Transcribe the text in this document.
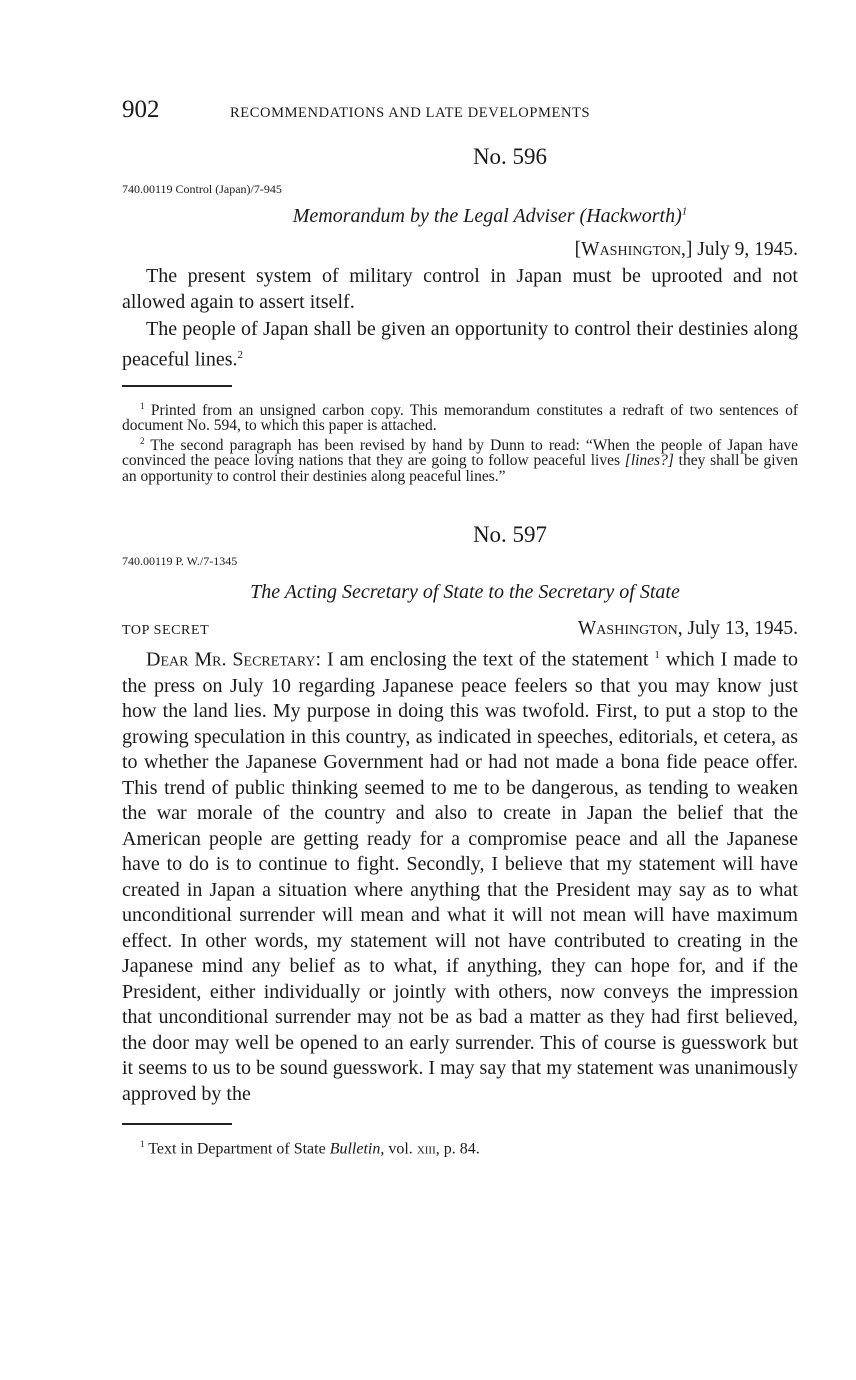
902	RECOMMENDATIONS AND LATE DEVELOPMENTS
No. 596
740.00119 Control (Japan)/7-945
Memorandum by the Legal Adviser (Hackworth)$^1$
[Washington,] July 9, 1945.

The present system of military control in Japan must be uprooted and not allowed again to assert itself.

The people of Japan shall be given an opportunity to control their destinies along peaceful lines.$^2$

$^1$ Printed from an unsigned carbon copy. This memorandum constitutes a redraft of two sentences of document No. 594, to which this paper is attached.

$^2$ The second paragraph has been revised by hand by Dunn to read: “When the people of Japan have convinced the peace loving nations that they are going to follow peaceful lives [lines?] they shall be given an opportunity to control their destinies along peaceful lines.”

No. 597
740.00119 P. W./7-1345
The Acting Secretary of State to the Secretary of State
TOP SECRET	Washington, July 13, 1945.

Dear Mr. Secretary: I am enclosing the text of the statement $^1$ which I made to the press on July 10 regarding Japanese peace feelers so that you may know just how the land lies. My purpose in doing this was twofold. First, to put a stop to the growing speculation in this country, as indicated in speeches, editorials, et cetera, as to whether the Japanese Government had or had not made a bona fide peace offer. This trend of public thinking seemed to me to be dangerous, as tending to weaken the war morale of the country and also to create in Japan the belief that the American people are getting ready for a compromise peace and all the Japanese have to do is to continue to fight. Secondly, I believe that my statement will have created in Japan a situation where anything that the President may say as to what unconditional surrender will mean and what it will not mean will have maximum effect. In other words, my statement will not have contributed to creating in the Japanese mind any belief as to what, if anything, they can hope for, and if the President, either individually or jointly with others, now conveys the impression that unconditional surrender may not be as bad a matter as they had first believed, the door may well be opened to an early surrender. This of course is guesswork but it seems to us to be sound guesswork. I may say that my statement was unanimously approved by the

$^1$ Text in Department of State Bulletin, vol. xiii, p. 84.
